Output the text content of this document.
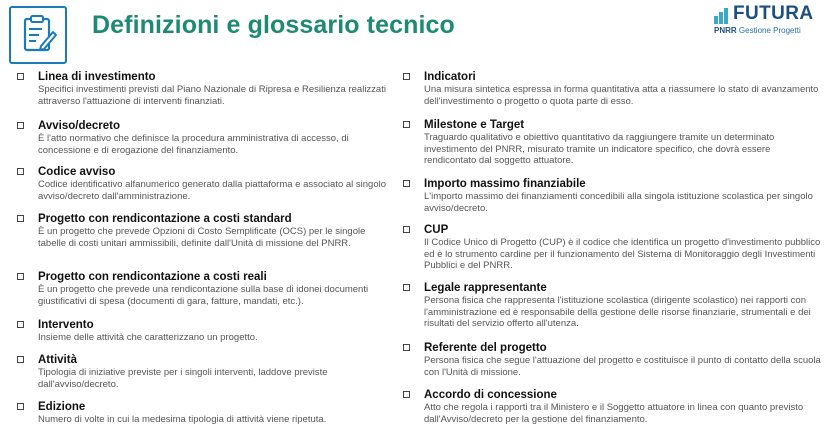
Definizioni e glossario tecnico	FUTURA
PNRR Gestione Progetti
Linea di investimento

Specifici investimenti previsti dal Piano Nazionale di Ripresa e Resilienza realizzati attraverso l'attuazione di interventi finanziati.

Avviso/decreto

È l'atto normativo che definisce la procedura amministrativa di accesso, di concessione e di erogazione del finanziamento.

Codice avviso

Codice identificativo alfanumerico generato dalla piattaforma e associato al singolo avviso/decreto dall'amministrazione.

Progetto con rendicontazione a costi standard

È un progetto che prevede Opzioni di Costo Semplificate (OCS) per le singole tabelle di costi unitari ammissibili, definite dall'Unità di missione del PNRR.

Progetto con rendicontazione a costi reali

È un progetto che prevede una rendicontazione sulla base di idonei documenti giustificativi di spesa (documenti di gara, fatture, mandati, etc.).

Intervento

Insieme delle attività che caratterizzano un progetto.

Attività

Tipologia di iniziative previste per i singoli interventi, laddove previste dall'avviso/decreto.

Edizione

Numero di volte in cui la medesima tipologia di attività viene ripetuta.

Indicatori

Una misura sintetica espressa in forma quantitativa atta a riassumere lo stato di avanzamento dell'investimento o progetto o quota parte di esso.

Milestone e Target

Traguardo qualitativo e obiettivo quantitativo da raggiungere tramite un determinato investimento del PNRR, misurato tramite un indicatore specifico, che dovrà essere rendicontato dal soggetto attuatore.

Importo massimo finanziabile

L'importo massimo dei finanziamenti concedibili alla singola istituzione scolastica per singolo avviso/decreto.

CUP

Il Codice Unico di Progetto (CUP) è il codice che identifica un progetto d'investimento pubblico ed è lo strumento cardine per il funzionamento del Sistema di Monitoraggio degli Investimenti Pubblici e del PNRR.

Legale rappresentante

Persona fisica che rappresenta l'istituzione scolastica (dirigente scolastico) nei rapporti con l'amministrazione ed è responsabile della gestione delle risorse finanziarie, strumentali e dei risultati del servizio offerto all'utenza.

Referente del progetto

Persona fisica che segue l'attuazione del progetto e costituisce il punto di contatto della scuola con l'Unità di missione.

Accordo di concessione

Atto che regola i rapporti tra il Ministero e il Soggetto attuatore in linea con quanto previsto dall'Avviso/decreto per la gestione del finanziamento.
